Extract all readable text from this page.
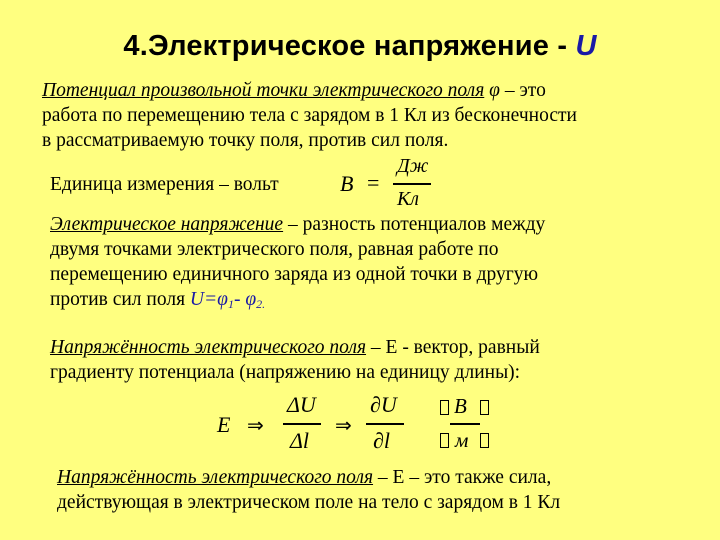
4.Электрическое напряжение - U
Потенциал произвольной точки электрического поля φ – это
работа по перемещению тела с зарядом в 1 Кл из бесконечности
в рассматриваемую точку поля, против сил поля.
Единица измерения – вольт	В =
Дж
Кл
Электрическое напряжение – разность потенциалов между
двумя точками электрического поля, равная работе по
перемещению единичного заряда из одной точки в другую
против сил поля $U=\varphi_1-$ $\varphi_{2.}$
Напряжённость электрического поля – Е - вектор, равный
градиенту потенциала (напряжению на единицу длины):
E ⇒
ΔU
Δl
⇒
∂U
∂l
В
м
Напряжённость электрического поля – Е – это также сила,
действующая в электрическом поле на тело с зарядом в 1 Кл
